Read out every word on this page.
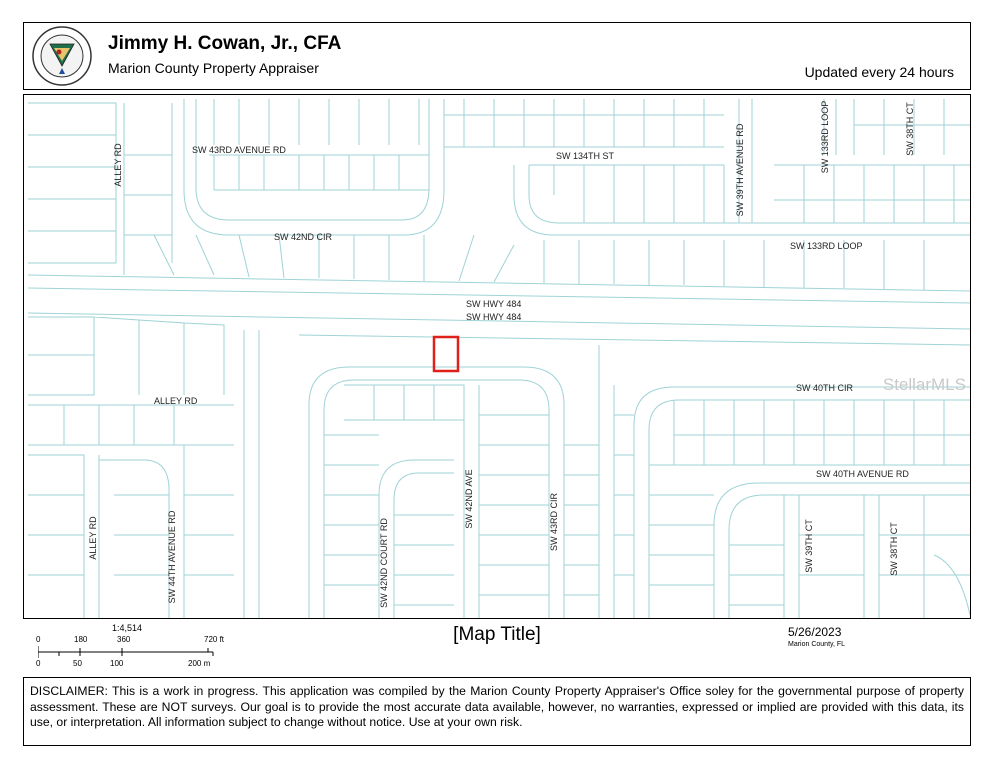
Jimmy H. Cowan, Jr., CFA
Marion County Property Appraiser	Updated every 24 hours
ALLEY RD	SW 43RD AVENUE RD
SW 134TH ST	SW 39TH AVENUE RD	SW 133RD LOOP	SW 38TH CT
SW 42ND CIR
SW 133RD LOOP
SW HWY 484
SW HWY 484
SW 40TH CIR
ALLEY RD
SW 40TH AVENUE RD
ALLEY RD	SW 44TH AVENUE RD	SW 42ND COURT RD
SW 42ND AVE	SW 43RD CIR	SW 39TH CT	SW 38TH CT
StellarMLS
1:4,514
0	180	360	720 ft
0	50	100	200 m
[Map Title]	5/26/2023
Marion County, FL
DISCLAIMER: This is a work in progress. This application was compiled by the Marion County Property Appraiser's Office soley for the governmental purpose of property assessment. These are NOT surveys. Our goal is to provide the most accurate data available, however, no warranties, expressed or implied are provided with this data, its use, or interpretation. All information subject to change without notice. Use at your own risk.
